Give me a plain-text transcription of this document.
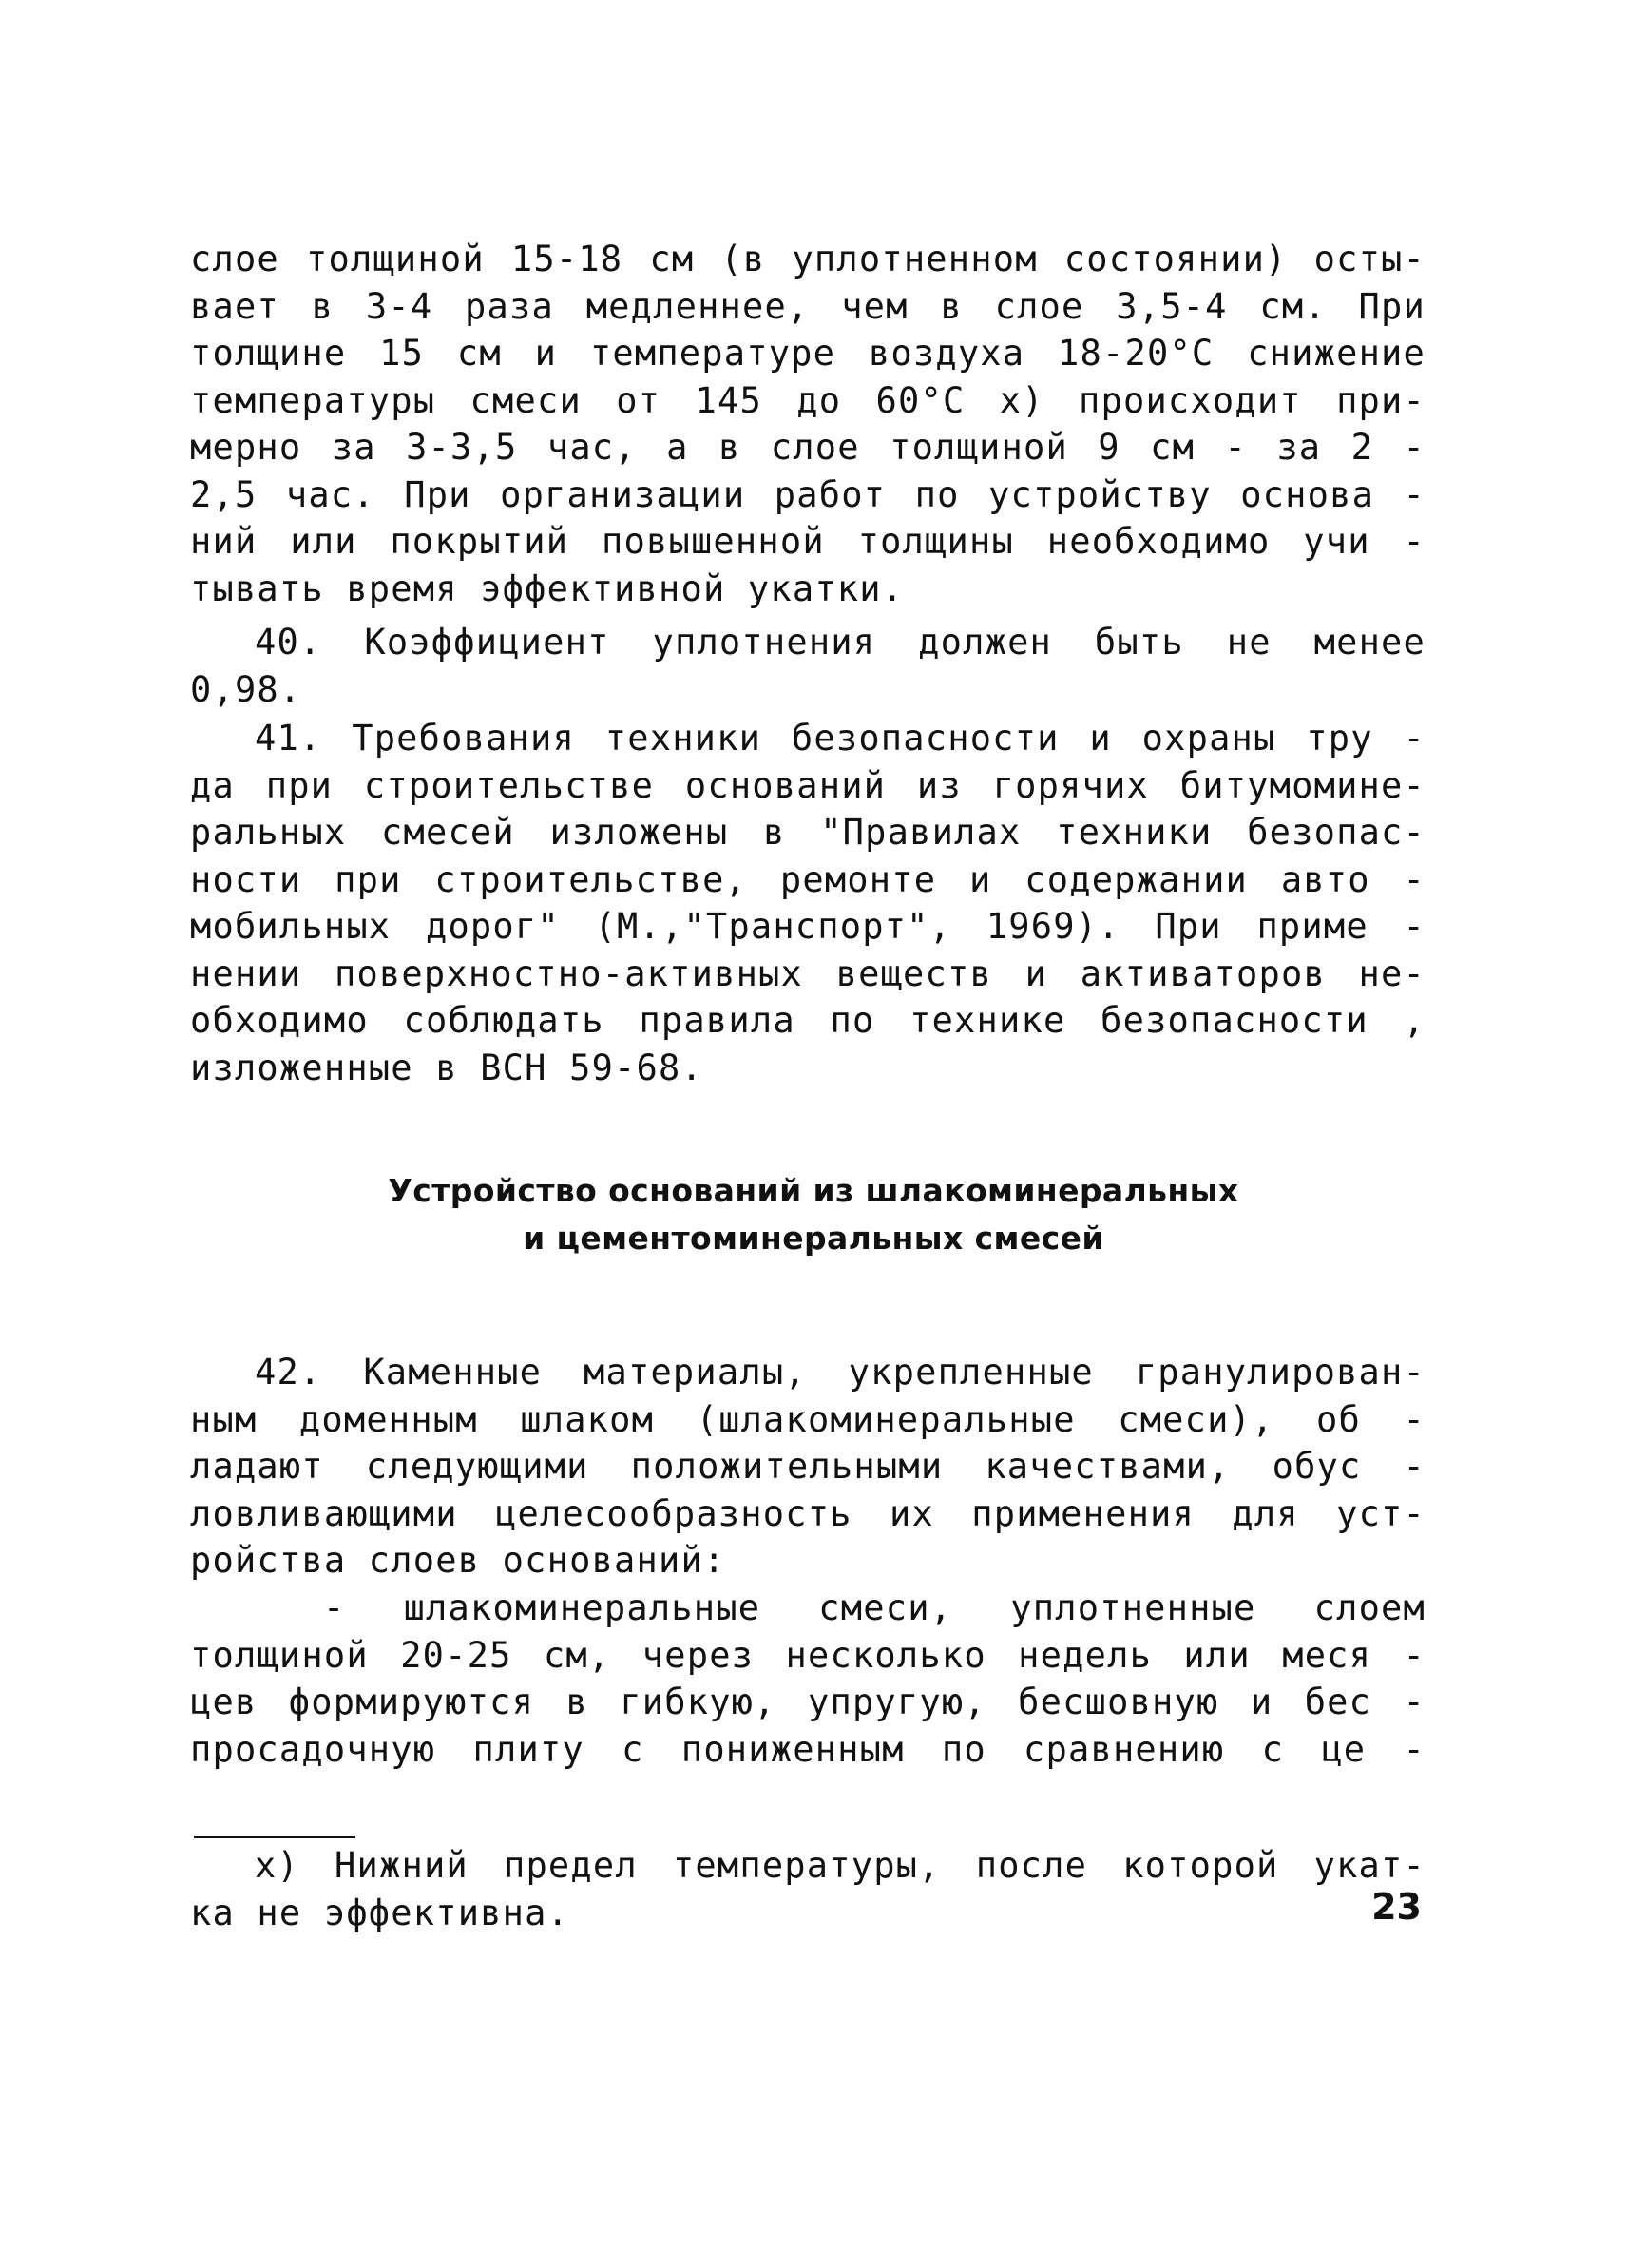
слое толщиной 15-18 см (в уплотненном состоянии) осты-
вает в 3-4 раза медленнее, чем в слое 3,5-4 см. При
толщине 15 см и температуре воздуха 18-20°С снижение
температуры смеси от 145 до 60°С х) происходит при-
мерно за 3-3,5 час, а в слое толщиной 9 см - за 2 -
2,5 час. При организации работ по устройству основа -
ний или покрытий повышенной толщины необходимо учи -
тывать время эффективной укатки.
40. Коэффициент уплотнения должен быть не менее
0,98.
41. Требования техники безопасности и охраны тру -
да при строительстве оснований из горячих битумомине-
ральных смесей изложены в "Правилах техники безопас-
ности при строительстве, ремонте и содержании авто -
мобильных дорог" (М.,"Транспорт", 1969). При приме -
нении поверхностно-активных веществ и активаторов не-
обходимо соблюдать правила по технике безопасности ,
изложенные в ВСН 59-68.
Устройство оснований из шлакоминеральных
и цементоминеральных смесей
42. Каменные материалы, укрепленные гранулирован-
ным доменным шлаком (шлакоминеральные смеси), об -
ладают следующими положительными качествами, обус -
ловливающими целесообразность их применения для уст-
ройства слоев оснований:
- шлакоминеральные смеси, уплотненные слоем
толщиной 20-25 см, через несколько недель или меся -
цев формируются в гибкую, упругую, бесшовную и бес -
просадочную плиту с пониженным по сравнению с це -
х) Нижний предел температуры, после которой укат-
ка не эффективна.	23
